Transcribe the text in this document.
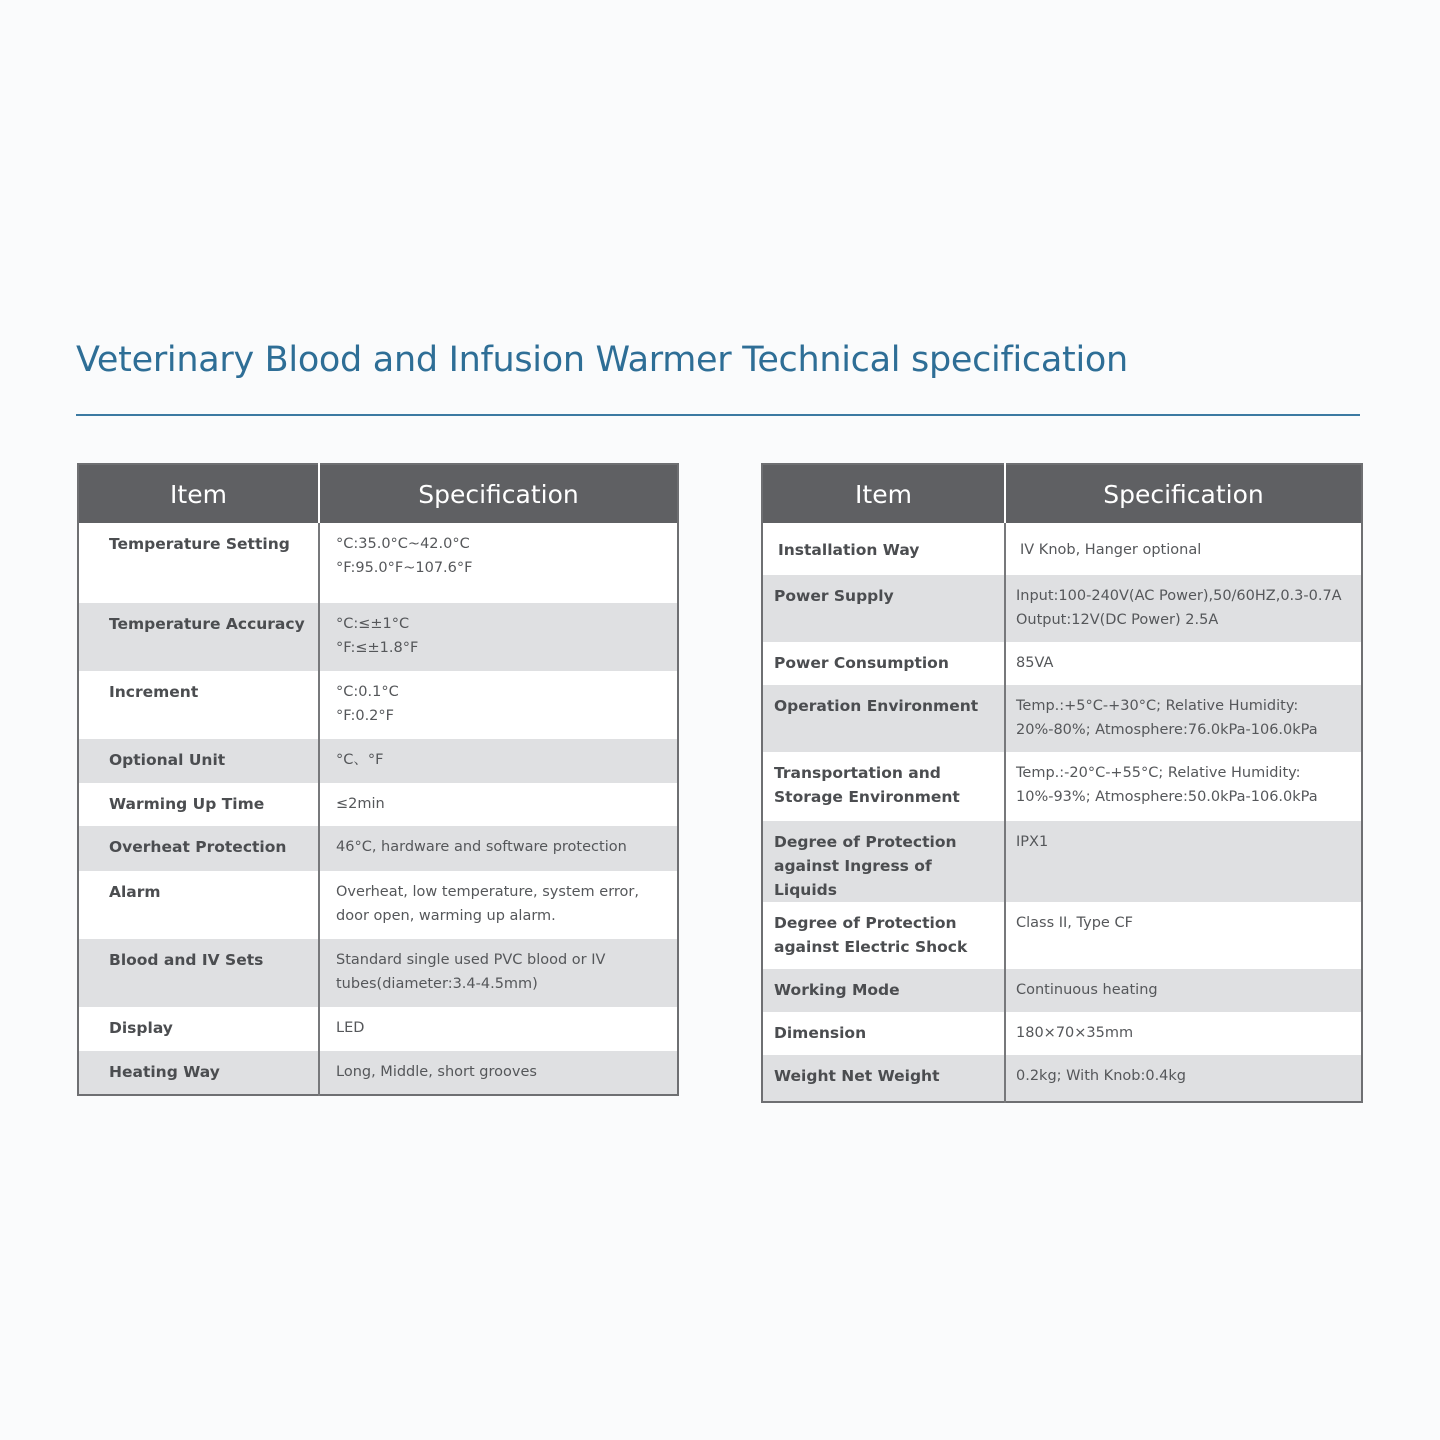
Veterinary Blood and Infusion Warmer Technical specification
Item	Specification
Temperature Setting	°C:35.0°C~42.0°C
°F:95.0°F~107.6°F

Temperature Accuracy	°C:≤±1°C
°F:≤±1.8°F

Increment	°C:0.1°C
°F:0.2°F

Optional Unit	°C、°F

Warming Up Time	≤2min

Overheat Protection	46°C, hardware and software protection

Alarm	Overheat, low temperature, system error,
door open, warming up alarm.

Blood and IV Sets	Standard single used PVC blood or IV
tubes(diameter:3.4-4.5mm)

Display	LED

Heating Way	Long, Middle, short grooves
Item	Specification
Installation Way	IV Knob, Hanger optional

Power Supply	Input:100-240V(AC Power),50/60HZ,0.3-0.7A
Output:12V(DC Power) 2.5A

Power Consumption	85VA

Operation Environment	Temp.:+5°C-+30°C; Relative Humidity:
20%-80%; Atmosphere:76.0kPa-106.0kPa

Transportation and Storage Environment	Temp.:-20°C-+55°C; Relative Humidity:
10%-93%; Atmosphere:50.0kPa-106.0kPa

Degree of Protection against Ingress of Liquids	IPX1

Degree of Protection against Electric Shock	Class II, Type CF

Working Mode	Continuous heating

Dimension	180×70×35mm

Weight Net Weight	0.2kg; With Knob:0.4kg
